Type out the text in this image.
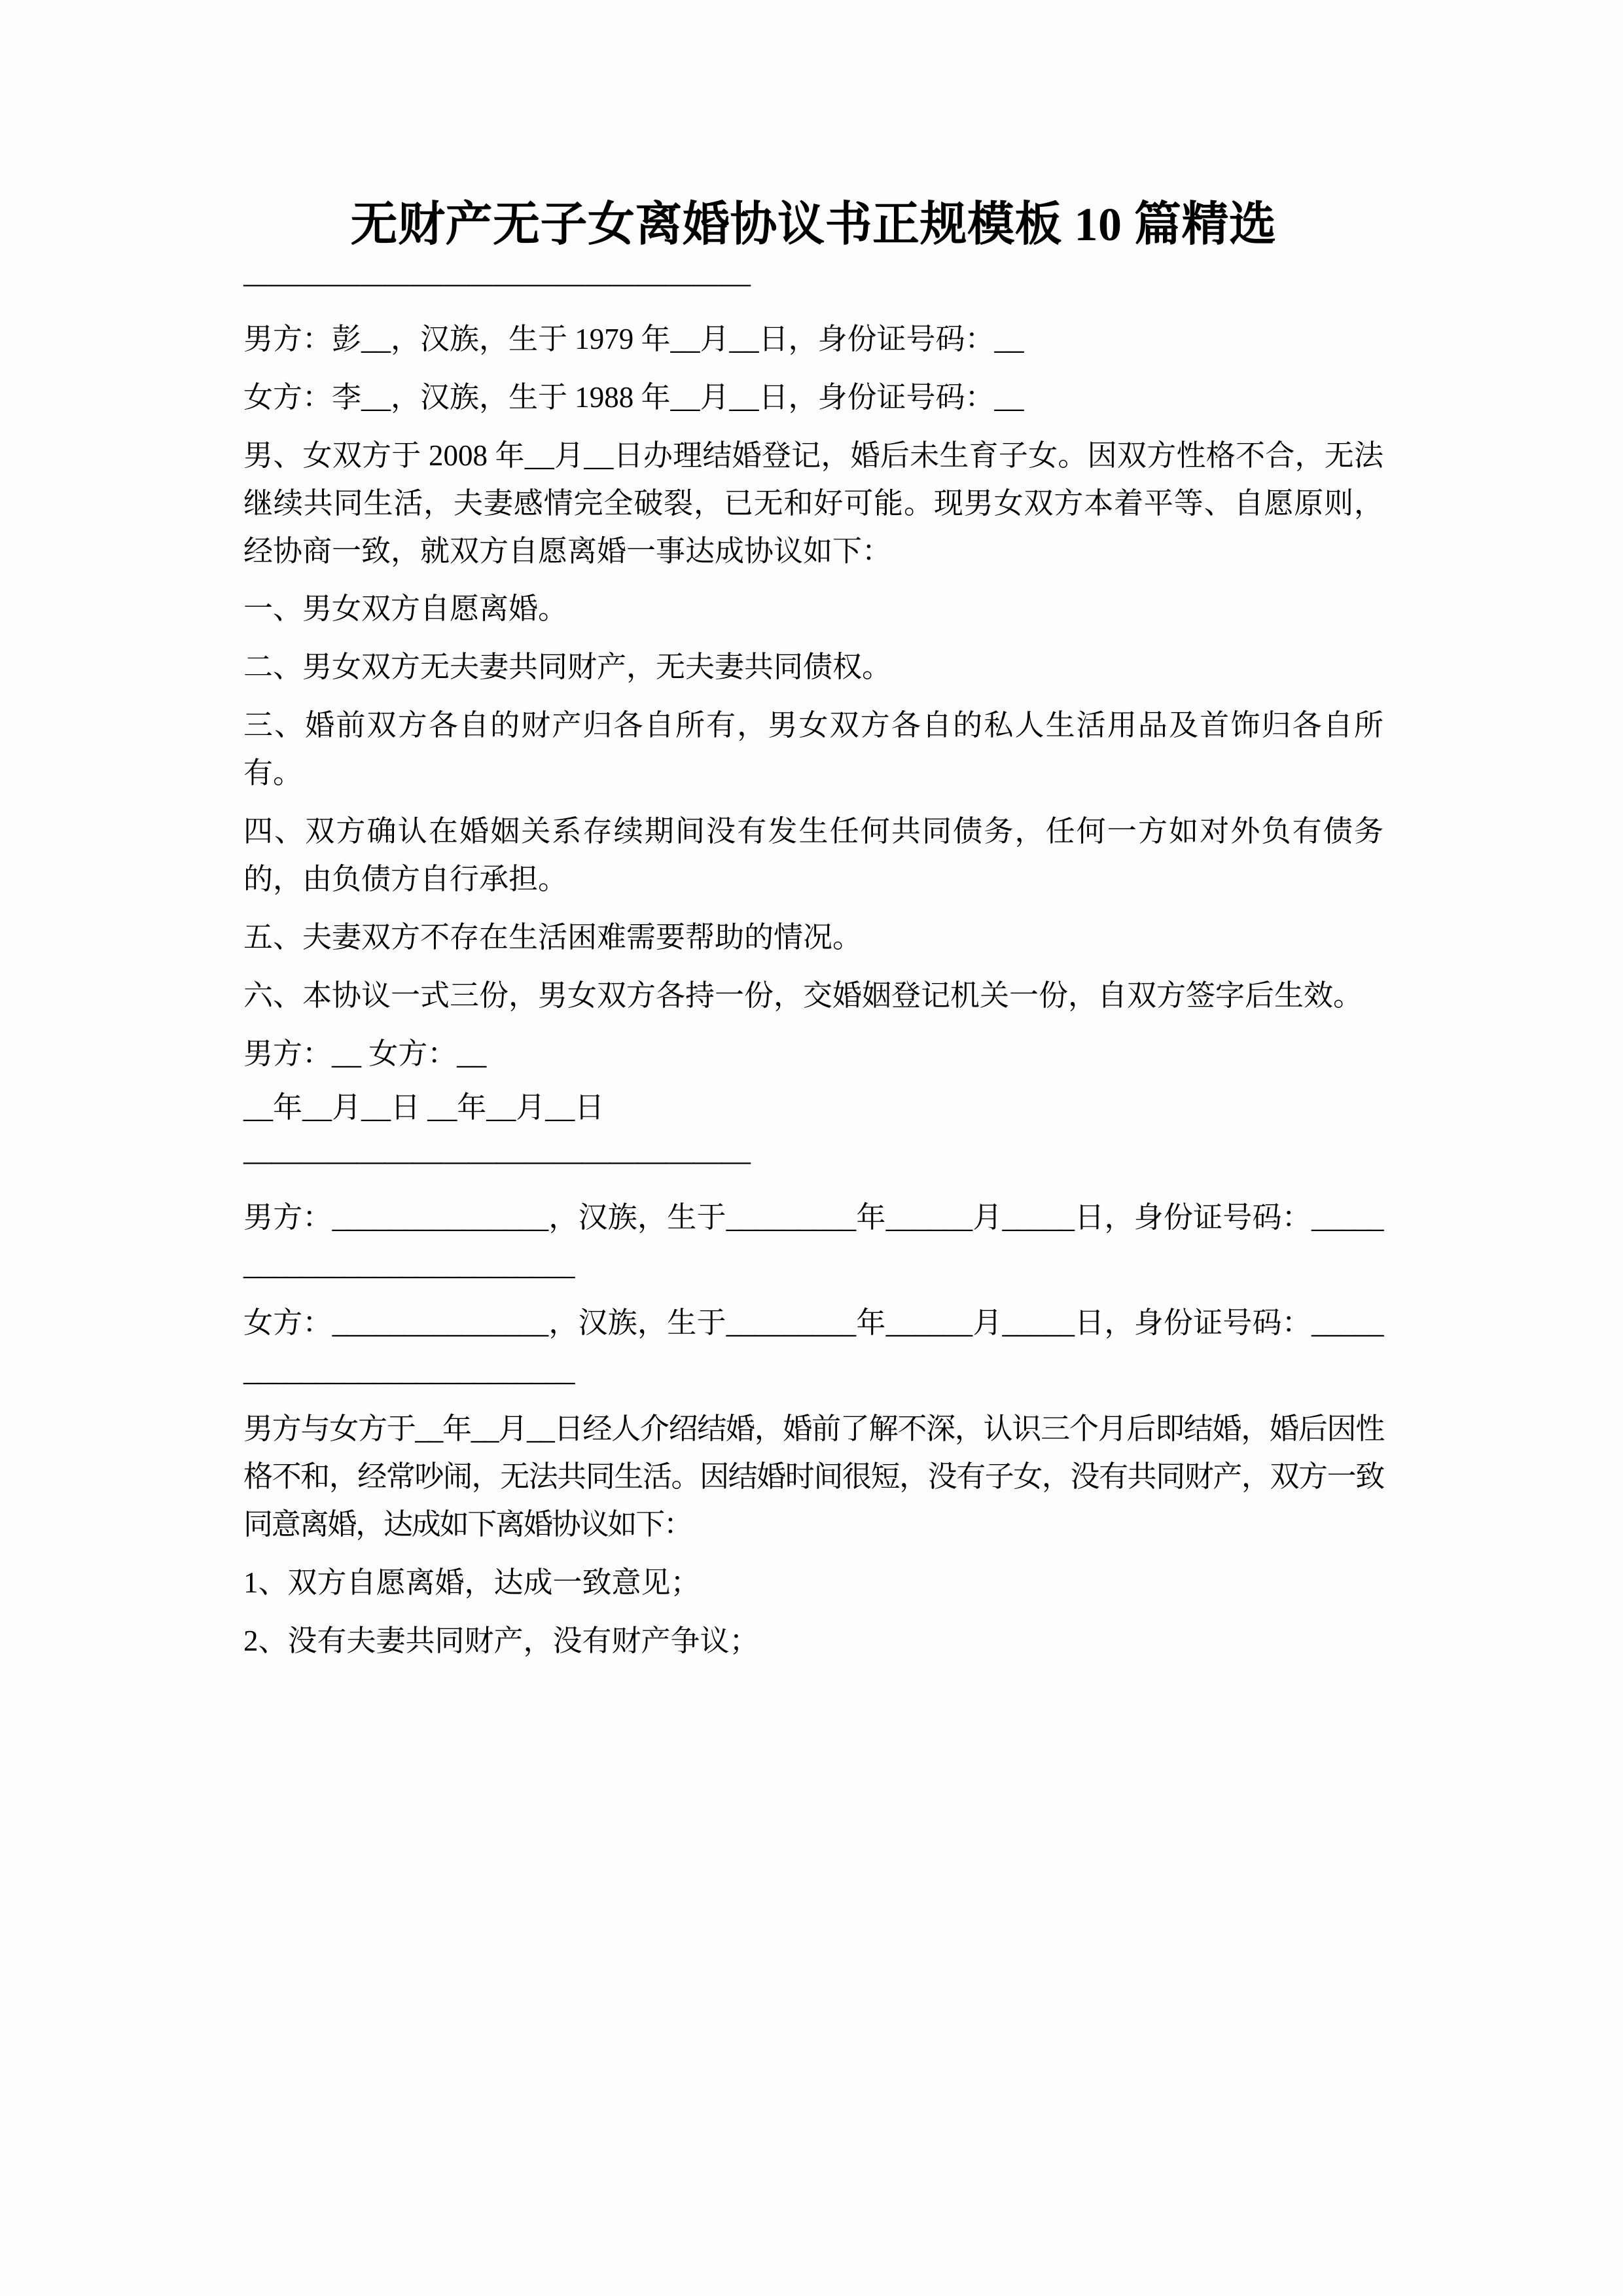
无财产无子女离婚协议书正规模板 10 篇精选
——————————————————

男方：彭__，汉族，生于 1979 年__月__日，身份证号码：__

女方：李__，汉族，生于 1988 年__月__日，身份证号码：__

男、女双方于 2008 年__月__日办理结婚登记，婚后未生育子女。因双方性格不合，无法继续共同生活，夫妻感情完全破裂，已无和好可能。现男女双方本着平等、自愿原则，经协商一致，就双方自愿离婚一事达成协议如下：

一、男女双方自愿离婚。

二、男女双方无夫妻共同财产，无夫妻共同债权。

三、婚前双方各自的财产归各自所有，男女双方各自的私人生活用品及首饰归各自所有。

四、双方确认在婚姻关系存续期间没有发生任何共同债务，任何一方如对外负有债务的，由负债方自行承担。

五、夫妻双方不存在生活困难需要帮助的情况。

六、本协议一式三份，男女双方各持一份，交婚姻登记机关一份，自双方签字后生效。

男方：__ 女方：__

__年__月__日 __年__月__日

——————————————————

男方：_______________，汉族，生于_________年______月_____日，身份证号码：____________________________

女方：_______________，汉族，生于_________年______月_____日，身份证号码：____________________________

男方与女方于__年__月__日经人介绍结婚，婚前了解不深，认识三个月后即结婚，婚后因性格不和，经常吵闹，无法共同生活。因结婚时间很短，没有子女，没有共同财产，双方一致同意离婚，达成如下离婚协议如下：

1、双方自愿离婚，达成一致意见；

2、没有夫妻共同财产，没有财产争议；
